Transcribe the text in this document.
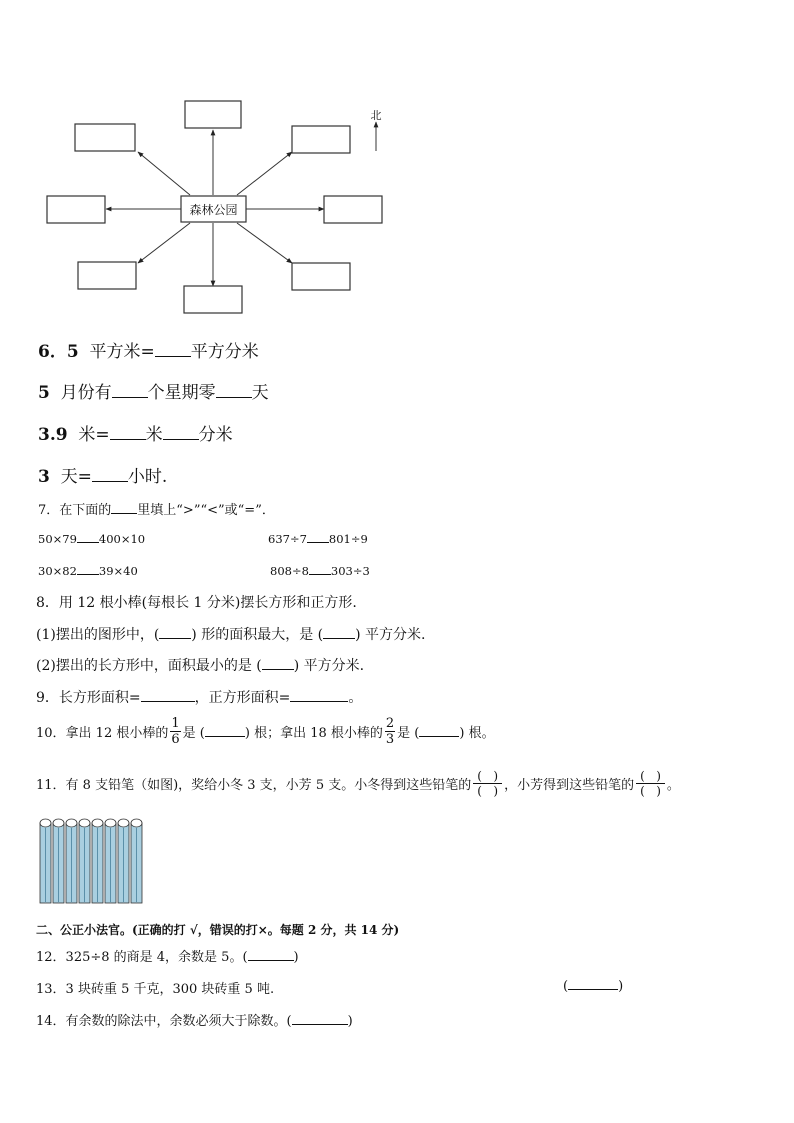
森林公园
北
6．5 平方米= 平方分米
5 月份有 个星期零 天
3.9 米= 米 分米
3 天= 小时.
7．在下面的 里填上“>”“<”或“=”．
50×79 400×10	637÷7 801÷9
30×82 39×40	808÷8 303÷3
8．用 12 根小棒(每根长 1 分米)摆长方形和正方形.
(1)摆出的图形中，( ) 形的面积最大，是 ( ) 平方分米.
(2)摆出的长方形中，面积最小的是 ( ) 平方分米.
9．长方形面积=	，正方形面积=	。
10．拿出 12 根小棒的 $\frac{1}{6}$ 是 (	) 根；拿出 18 根小棒的 $\frac{2}{3}$ 是 (	) 根。
11．有 8 支铅笔（如图)，奖给小冬 3 支，小芳 5 支。小冬得到这些铅笔的 $\frac{( )}{( )}$ ，小芳得到这些铅笔的 $\frac{( )}{( )}$ 。
二、公正小法官。(正确的打 √，错误的打×。每题 2 分，共 14 分)
12．325÷8 的商是 4，余数是 5。(	)
13．3 块砖重 5 千克，300 块砖重 5 吨.	(	)
14．有余数的除法中，余数必须大于除数。(	)
